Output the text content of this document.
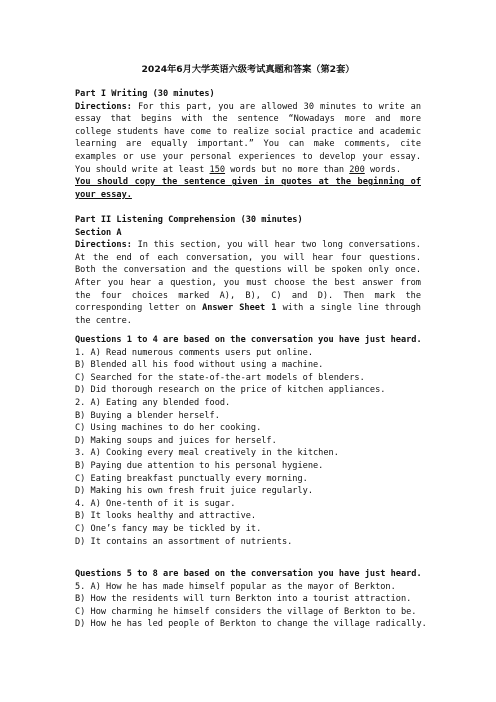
2024年6月大学英语六级考试真题和答案（第2套）
Part I Writing (30 minutes)
Directions: For this part, you are allowed 30 minutes to write an essay that begins with the sentence “Nowadays more and more college students have come to realize social practice and academic learning are equally important.” You can make comments, cite examples or use your personal experiences to develop your essay. You should write at least 150 words but no more than 200 words.
You should copy the sentence given in quotes at the beginning of your essay.
Part II Listening Comprehension (30 minutes)
Section A
Directions: In this section, you will hear two long conversations. At the end of each conversation, you will hear four questions. Both the conversation and the questions will be spoken only once. After you hear a question, you must choose the best answer from the four choices marked A), B), C) and D). Then mark the corresponding letter on Answer Sheet 1 with a single line through the centre.
Questions 1 to 4 are based on the conversation you have just heard.
1. A) Read numerous comments users put online.
B) Blended all his food without using a machine.
C) Searched for the state-of-the-art models of blenders.
D) Did thorough research on the price of kitchen appliances.
2. A) Eating any blended food.
B) Buying a blender herself.
C) Using machines to do her cooking.
D) Making soups and juices for herself.
3. A) Cooking every meal creatively in the kitchen.
B) Paying due attention to his personal hygiene.
C) Eating breakfast punctually every morning.
D) Making his own fresh fruit juice regularly.
4. A) One-tenth of it is sugar.
B) It looks healthy and attractive.
C) One’s fancy may be tickled by it.
D) It contains an assortment of nutrients.
Questions 5 to 8 are based on the conversation you have just heard.
5. A) How he has made himself popular as the mayor of Berkton.
B) How the residents will turn Berkton into a tourist attraction.
C) How charming he himself considers the village of Berkton to be.
D) How he has led people of Berkton to change the village radically.
